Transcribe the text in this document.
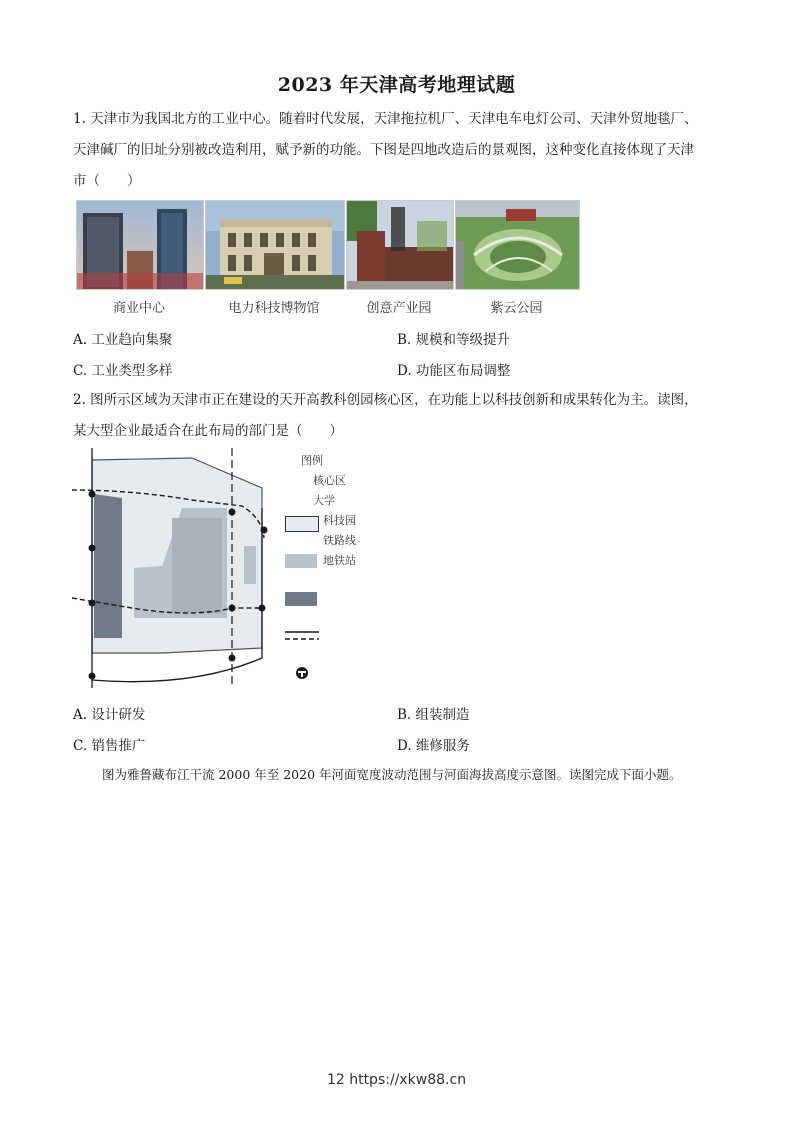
2023 年天津高考地理试题
1. 天津市为我国北方的工业中心。随着时代发展，天津拖拉机厂、天津电车电灯公司、天津外贸地毯厂、
天津碱厂的旧址分别被改造利用，赋予新的功能。下图是四地改造后的景观图，这种变化直接体现了天津
市（　　）
商业中心	电力科技博物馆	创意产业园	紫云公园
A. 工业趋向集聚	B. 规模和等级提升
C. 工业类型多样	D. 功能区布局调整
2. 图所示区域为天津市正在建设的天开高教科创园核心区，在功能上以科技创新和成果转化为主。读图，
某大型企业最适合在此布局的部门是（　　）
图例
核心区
大学
科技园
铁路线
地铁站
A. 设计研发	B. 组装制造
C. 销售推广	D. 维修服务
图为雅鲁藏布江干流 2000 年至 2020 年河面宽度波动范围与河面海拔高度示意图。读图完成下面小题。
12 https://xkw88.cn
